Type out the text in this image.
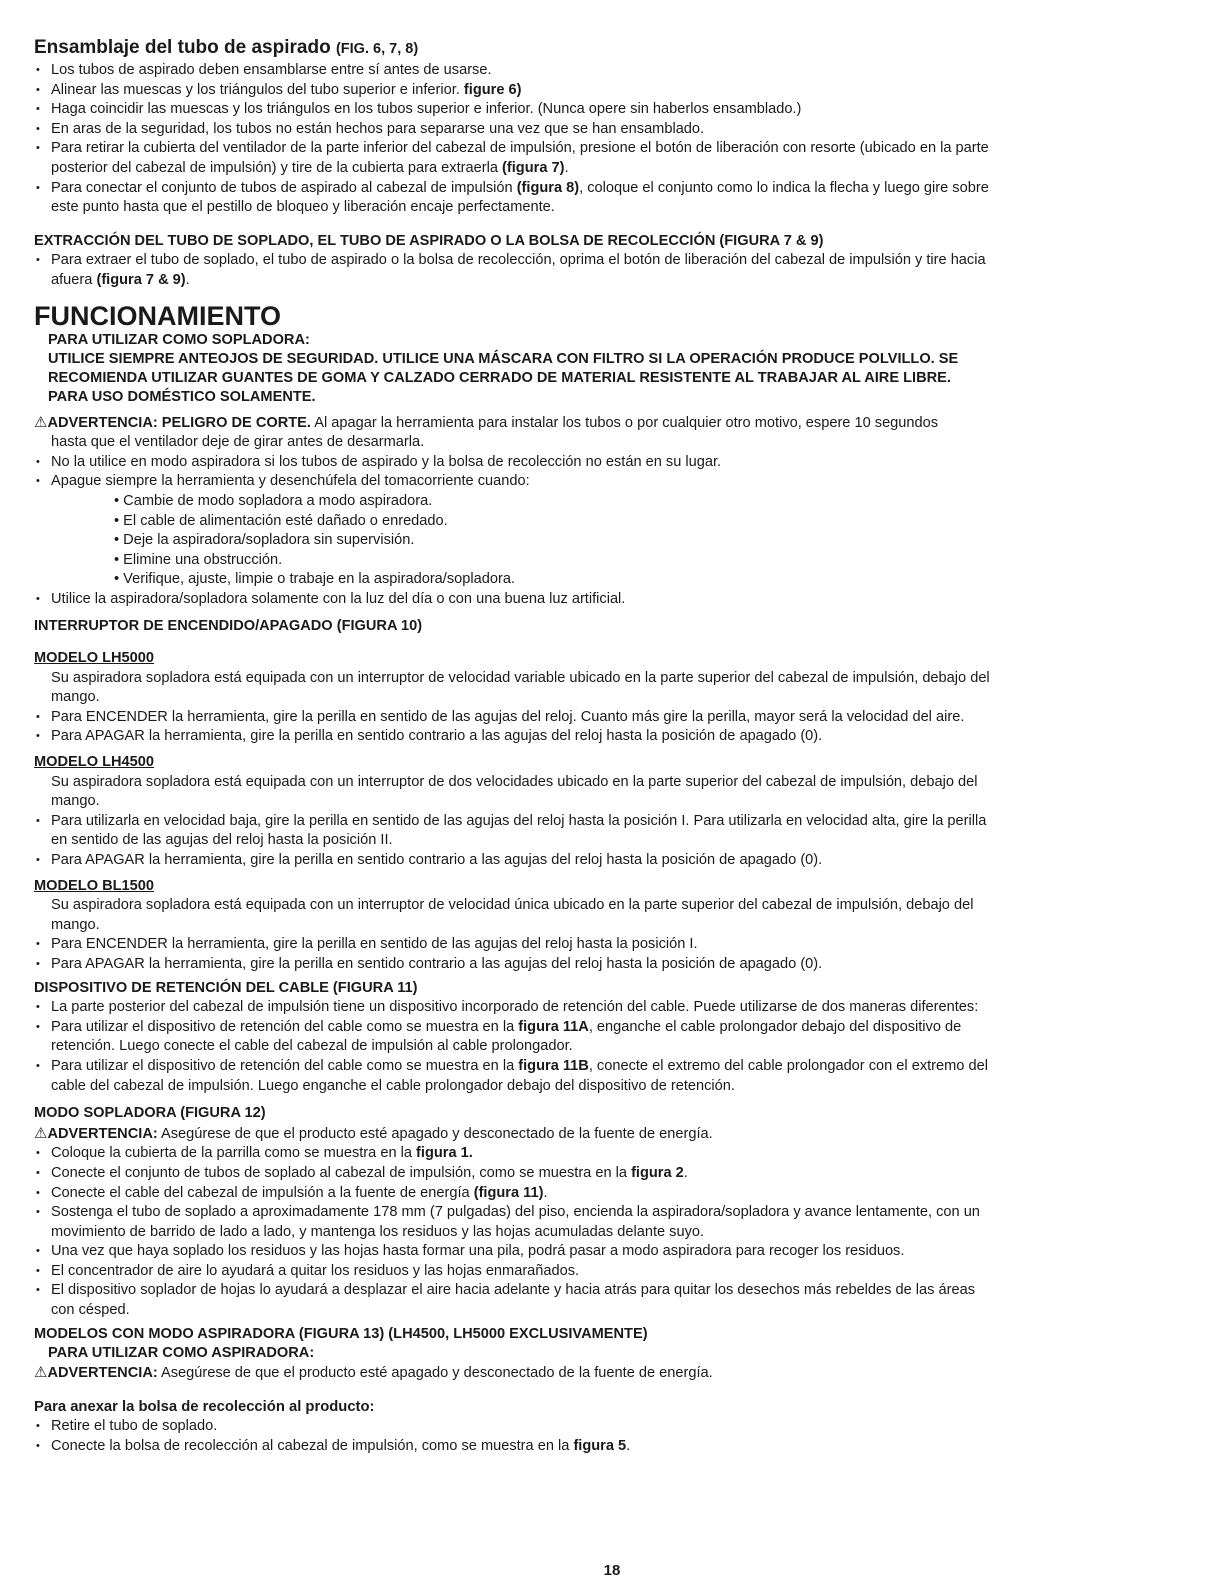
Ensamblaje del tubo de aspirado (FIG. 6, 7, 8)
• Los tubos de aspirado deben ensamblarse entre sí antes de usarse.
• Alinear las muescas y los triángulos del tubo superior e inferior. figure 6)
• Haga coincidir las muescas y los triángulos en los tubos superior e inferior. (Nunca opere sin haberlos ensamblado.)
• En aras de la seguridad, los tubos no están hechos para separarse una vez que se han ensamblado.
• Para retirar la cubierta del ventilador de la parte inferior del cabezal de impulsión, presione el botón de liberación con resorte (ubicado en la parte
posterior del cabezal de impulsión) y tire de la cubierta para extraerla (figura 7).
• Para conectar el conjunto de tubos de aspirado al cabezal de impulsión (figura 8), coloque el conjunto como lo indica la flecha y luego gire sobre
este punto hasta que el pestillo de bloqueo y liberación encaje perfectamente.
EXTRACCIÓN DEL TUBO DE SOPLADO, EL TUBO DE ASPIRADO O LA BOLSA DE RECOLECCIÓN (FIGURA 7 & 9)
• Para extraer el tubo de soplado, el tubo de aspirado o la bolsa de recolección, oprima el botón de liberación del cabezal de impulsión y tire hacia
afuera (figura 7 & 9).
FUNCIONAMIENTO
PARA UTILIZAR COMO SOPLADORA:
UTILICE SIEMPRE ANTEOJOS DE SEGURIDAD. UTILICE UNA MÁSCARA CON FILTRO SI LA OPERACIÓN PRODUCE POLVILLO. SE
RECOMIENDA UTILIZAR GUANTES DE GOMA Y CALZADO CERRADO DE MATERIAL RESISTENTE AL TRABAJAR AL AIRE LIBRE.
PARA USO DOMÉSTICO SOLAMENTE.
⚠ADVERTENCIA: PELIGRO DE CORTE. Al apagar la herramienta para instalar los tubos o por cualquier otro motivo, espere 10 segundos
hasta que el ventilador deje de girar antes de desarmarla.
• No la utilice en modo aspiradora si los tubos de aspirado y la bolsa de recolección no están en su lugar.
• Apague siempre la herramienta y desenchúfela del tomacorriente cuando:
• Cambie de modo sopladora a modo aspiradora.
• El cable de alimentación esté dañado o enredado.
• Deje la aspiradora/sopladora sin supervisión.
• Elimine una obstrucción.
• Verifique, ajuste, limpie o trabaje en la aspiradora/sopladora.
• Utilice la aspiradora/sopladora solamente con la luz del día o con una buena luz artificial.
INTERRUPTOR DE ENCENDIDO/APAGADO (FIGURA 10)
MODELO LH5000
Su aspiradora sopladora está equipada con un interruptor de velocidad variable ubicado en la parte superior del cabezal de impulsión, debajo del
mango.
• Para ENCENDER la herramienta, gire la perilla en sentido de las agujas del reloj. Cuanto más gire la perilla, mayor será la velocidad del aire.
• Para APAGAR la herramienta, gire la perilla en sentido contrario a las agujas del reloj hasta la posición de apagado (0).
MODELO LH4500
Su aspiradora sopladora está equipada con un interruptor de dos velocidades ubicado en la parte superior del cabezal de impulsión, debajo del
mango.
• Para utilizarla en velocidad baja, gire la perilla en sentido de las agujas del reloj hasta la posición I. Para utilizarla en velocidad alta, gire la perilla
en sentido de las agujas del reloj hasta la posición II.
• Para APAGAR la herramienta, gire la perilla en sentido contrario a las agujas del reloj hasta la posición de apagado (0).
MODELO BL1500
Su aspiradora sopladora está equipada con un interruptor de velocidad única ubicado en la parte superior del cabezal de impulsión, debajo del
mango.
• Para ENCENDER la herramienta, gire la perilla en sentido de las agujas del reloj hasta la posición I.
• Para APAGAR la herramienta, gire la perilla en sentido contrario a las agujas del reloj hasta la posición de apagado (0).
DISPOSITIVO DE RETENCIÓN DEL CABLE (FIGURA 11)
• La parte posterior del cabezal de impulsión tiene un dispositivo incorporado de retención del cable. Puede utilizarse de dos maneras diferentes:
• Para utilizar el dispositivo de retención del cable como se muestra en la figura 11A, enganche el cable prolongador debajo del dispositivo de
retención. Luego conecte el cable del cabezal de impulsión al cable prolongador.
• Para utilizar el dispositivo de retención del cable como se muestra en la figura 11B, conecte el extremo del cable prolongador con el extremo del
cable del cabezal de impulsión. Luego enganche el cable prolongador debajo del dispositivo de retención.
MODO SOPLADORA (FIGURA 12)
⚠ADVERTENCIA: Asegúrese de que el producto esté apagado y desconectado de la fuente de energía.
• Coloque la cubierta de la parrilla como se muestra en la figura 1.
• Conecte el conjunto de tubos de soplado al cabezal de impulsión, como se muestra en la figura 2.
• Conecte el cable del cabezal de impulsión a la fuente de energía (figura 11).
• Sostenga el tubo de soplado a aproximadamente 178 mm (7 pulgadas) del piso, encienda la aspiradora/sopladora y avance lentamente, con un
movimiento de barrido de lado a lado, y mantenga los residuos y las hojas acumuladas delante suyo.
• Una vez que haya soplado los residuos y las hojas hasta formar una pila, podrá pasar a modo aspiradora para recoger los residuos.
• El concentrador de aire lo ayudará a quitar los residuos y las hojas enmarañados.
• El dispositivo soplador de hojas lo ayudará a desplazar el aire hacia adelante y hacia atrás para quitar los desechos más rebeldes de las áreas
con césped.
MODELOS CON MODO ASPIRADORA (FIGURA 13) (LH4500, LH5000 EXCLUSIVAMENTE)
PARA UTILIZAR COMO ASPIRADORA:
⚠ADVERTENCIA: Asegúrese de que el producto esté apagado y desconectado de la fuente de energía.
Para anexar la bolsa de recolección al producto:
• Retire el tubo de soplado.
• Conecte la bolsa de recolección al cabezal de impulsión, como se muestra en la figura 5.
18
